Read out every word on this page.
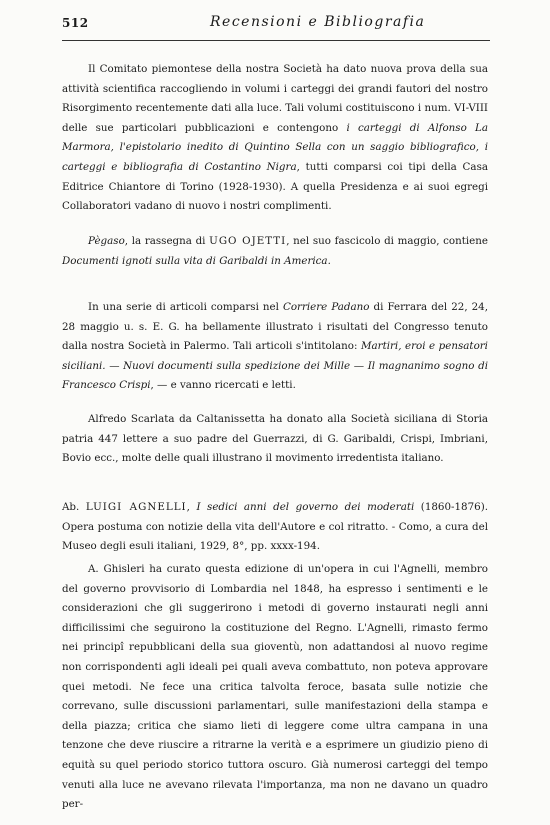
512	Recensioni e Bibliografia

Il Comitato piemontese della nostra Società ha dato nuova prova della sua attività scientifica raccogliendo in volumi i carteggi dei grandi fautori del nostro Risorgimento recentemente dati alla luce. Tali volumi costituiscono i num. VI-VIII delle sue particolari pubblicazioni e contengono i carteggi di Alfonso La Marmora, l'epistolario inedito di Quintino Sella con un saggio bibliografico, i carteggi e bibliografia di Costantino Nigra, tutti comparsi coi tipi della Casa Editrice Chiantore di Torino (1928-1930). A quella Presidenza e ai suoi egregi Collaboratori vadano di nuovo i nostri complimenti.

Pègaso, la rassegna di UGO OJETTI, nel suo fascicolo di maggio, contiene Documenti ignoti sulla vita di Garibaldi in America.

In una serie di articoli comparsi nel Corriere Padano di Ferrara del 22, 24, 28 maggio u. s. E. G. ha bellamente illustrato i risultati del Congresso tenuto dalla nostra Società in Palermo. Tali articoli s'intitolano: Martiri, eroi e pensatori siciliani. — Nuovi documenti sulla spedizione dei Mille — Il magnanimo sogno di Francesco Crispi, — e vanno ricercati e letti.

Alfredo Scarlata da Caltanissetta ha donato alla Società siciliana di Storia patria 447 lettere a suo padre del Guerrazzi, di G. Garibaldi, Crispi, Imbriani, Bovio ecc., molte delle quali illustrano il movimento irredentista italiano.

Ab. LUIGI AGNELLI, I sedici anni del governo dei moderati (1860-1876). Opera postuma con notizie della vita dell'Autore e col ritratto. - Como, a cura del Museo degli esuli italiani, 1929, 8°, pp. xxxx-194.

A. Ghisleri ha curato questa edizione di un'opera in cui l'Agnelli, membro del governo provvisorio di Lombardia nel 1848, ha espresso i sentimenti e le considerazioni che gli suggerirono i metodi di governo instaurati negli anni difficilissimi che seguirono la costituzione del Regno. L'Agnelli, rimasto fermo nei principî repubblicani della sua gioventù, non adattandosi al nuovo regime non corrispondenti agli ideali pei quali aveva combattuto, non poteva approvare quei metodi. Ne fece una critica talvolta feroce, basata sulle notizie che correvano, sulle discussioni parlamentari, sulle manifestazioni della stampa e della piazza; critica che siamo lieti di leggere come ultra campana in una tenzone che deve riuscire a ritrarne la verità e a esprimere un giudizio pieno di equità su quel periodo storico tuttora oscuro. Già numerosi carteggi del tempo venuti alla luce ne avevano rilevata l'importanza, ma non ne davano un quadro per-
